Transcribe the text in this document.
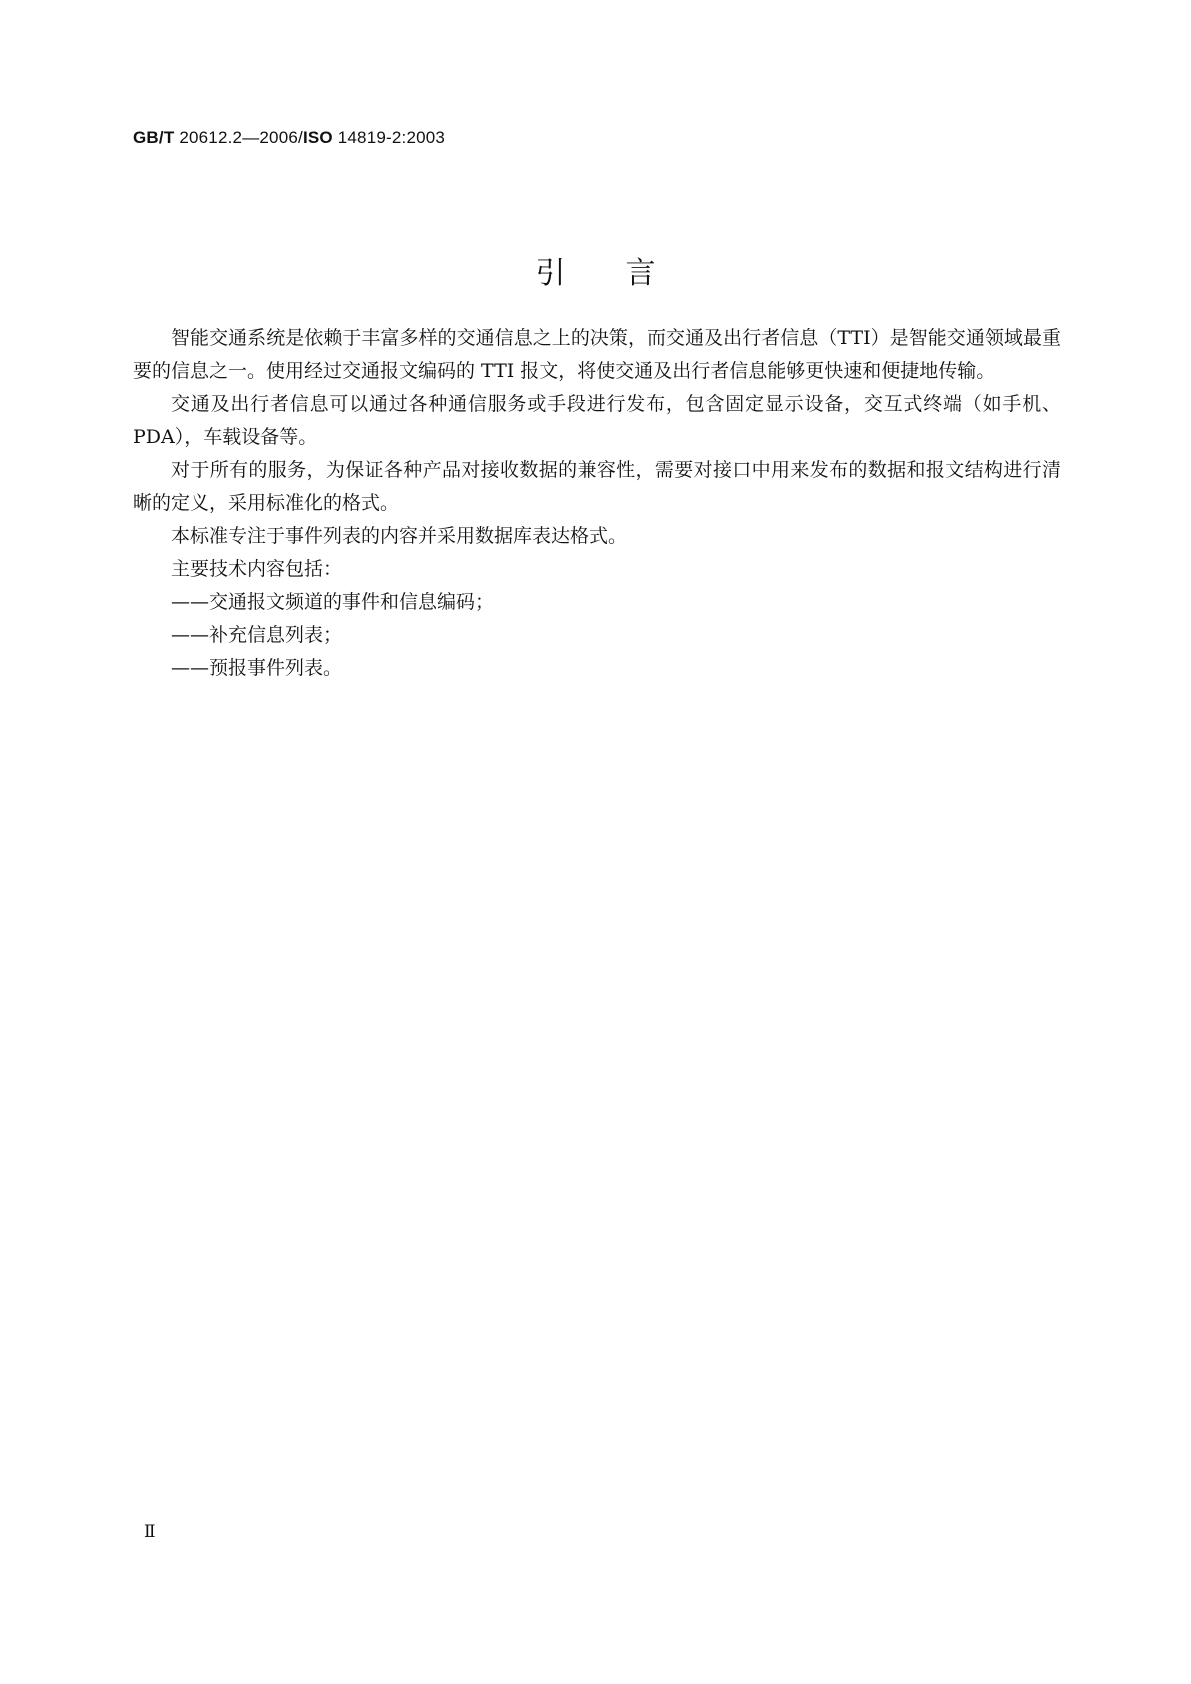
GB/T 20612.2—2006/ISO 14819-2:2003
引言

智能交通系统是依赖于丰富多样的交通信息之上的决策，而交通及出行者信息（TTI）是智能交通领域最重要的信息之一。使用经过交通报文编码的 TTI 报文，将使交通及出行者信息能够更快速和便捷地传输。

交通及出行者信息可以通过各种通信服务或手段进行发布，包含固定显示设备，交互式终端（如手机、PDA），车载设备等。

对于所有的服务，为保证各种产品对接收数据的兼容性，需要对接口中用来发布的数据和报文结构进行清晰的定义，采用标准化的格式。

本标准专注于事件列表的内容并采用数据库表达格式。

主要技术内容包括：

——交通报文频道的事件和信息编码；

——补充信息列表；

——预报事件列表。

Ⅱ
